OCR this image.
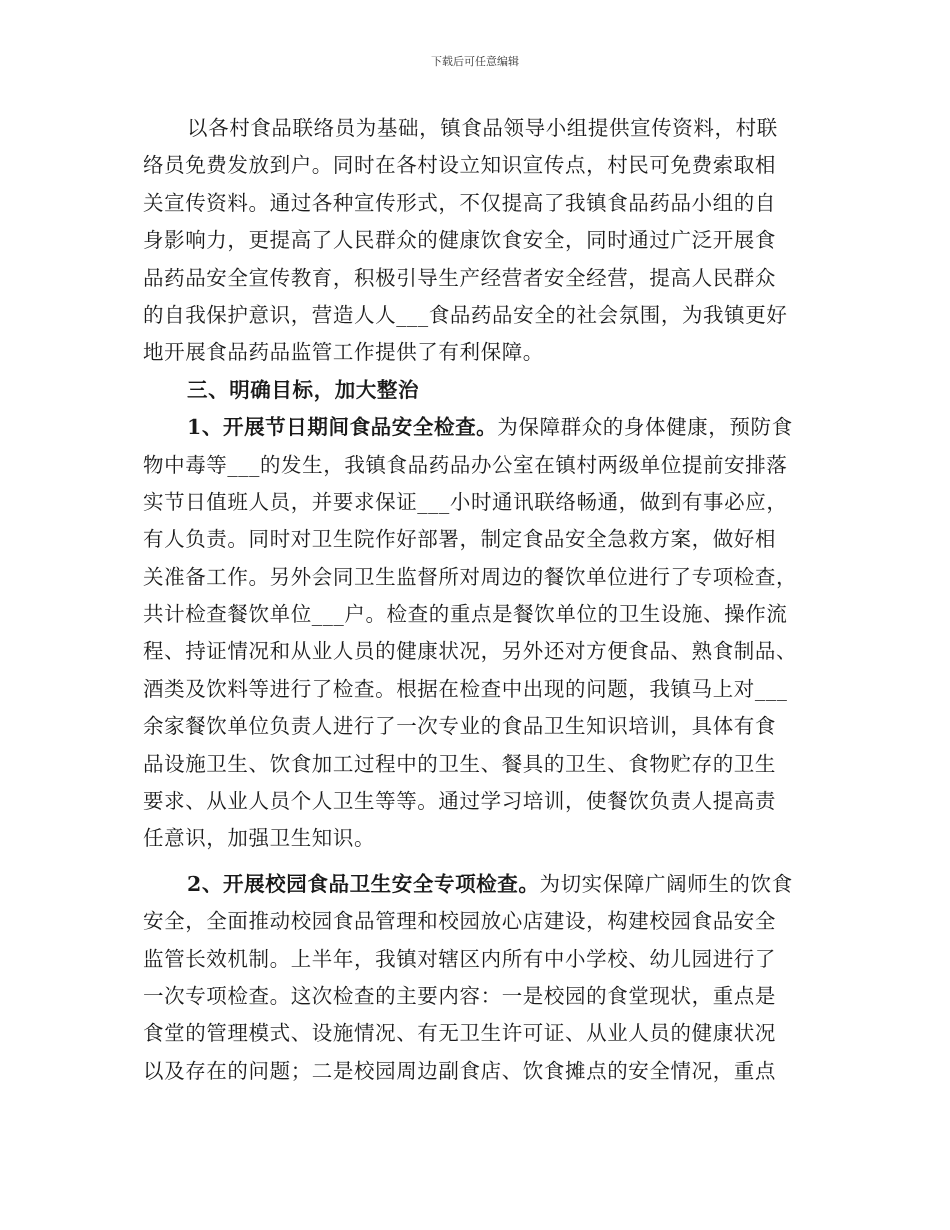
下载后可任意编辑
以各村食品联络员为基础，镇食品领导小组提供宣传资料，村联
络员免费发放到户。同时在各村设立知识宣传点，村民可免费索取相
关宣传资料。通过各种宣传形式，不仅提高了我镇食品药品小组的自
身影响力，更提高了人民群众的健康饮食安全，同时通过广泛开展食
品药品安全宣传教育，积极引导生产经营者安全经营，提高人民群众
的自我保护意识，营造人人___食品药品安全的社会氛围，为我镇更好
地开展食品药品监管工作提供了有利保障。
三、明确目标，加大整治
1、开展节日期间食品安全检查。为保障群众的身体健康，预防食
物中毒等___的发生，我镇食品药品办公室在镇村两级单位提前安排落
实节日值班人员，并要求保证___小时通讯联络畅通，做到有事必应，
有人负责。同时对卫生院作好部署，制定食品安全急救方案，做好相
关准备工作。另外会同卫生监督所对周边的餐饮单位进行了专项检查，
共计检查餐饮单位___户。检查的重点是餐饮单位的卫生设施、操作流
程、持证情况和从业人员的健康状况，另外还对方便食品、熟食制品、
酒类及饮料等进行了检查。根据在检查中出现的问题，我镇马上对___
余家餐饮单位负责人进行了一次专业的食品卫生知识培训，具体有食
品设施卫生、饮食加工过程中的卫生、餐具的卫生、食物贮存的卫生
要求、从业人员个人卫生等等。通过学习培训，使餐饮负责人提高责
任意识，加强卫生知识。
2、开展校园食品卫生安全专项检查。为切实保障广阔师生的饮食
安全，全面推动校园食品管理和校园放心店建设，构建校园食品安全
监管长效机制。上半年，我镇对辖区内所有中小学校、幼儿园进行了
一次专项检查。这次检查的主要内容：一是校园的食堂现状，重点是
食堂的管理模式、设施情况、有无卫生许可证、从业人员的健康状况
以及存在的问题；二是校园周边副食店、饮食摊点的安全情况，重点
